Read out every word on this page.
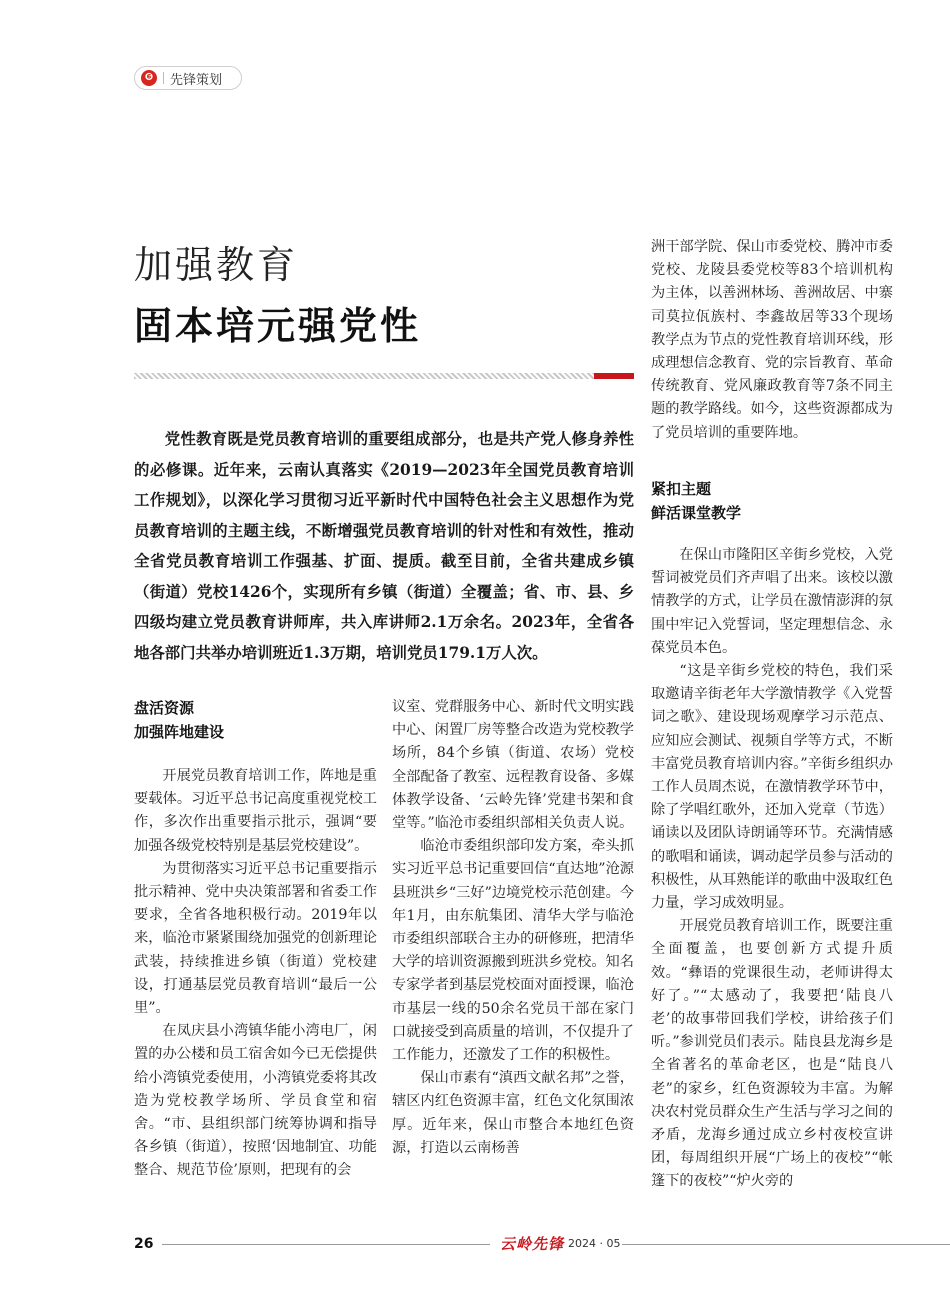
❻ 先锋策划
加强教育
固本培元强党性

党性教育既是党员教育培训的重要组成部分，也是共产党人修身养性的必修课。近年来，云南认真落实《2019—2023年全国党员教育培训工作规划》，以深化学习贯彻习近平新时代中国特色社会主义思想作为党员教育培训的主题主线，不断增强党员教育培训的针对性和有效性，推动全省党员教育培训工作强基、扩面、提质。截至目前，全省共建成乡镇（街道）党校1426个，实现所有乡镇（街道）全覆盖；省、市、县、乡四级均建立党员教育讲师库，共入库讲师2.1万余名。2023年，全省各地各部门共举办培训班近1.3万期，培训党员179.1万人次。

盘活资源
加强阵地建设

开展党员教育培训工作，阵地是重要载体。习近平总书记高度重视党校工作，多次作出重要指示批示，强调“要加强各级党校特别是基层党校建设”。

为贯彻落实习近平总书记重要指示批示精神、党中央决策部署和省委工作要求，全省各地积极行动。2019年以来，临沧市紧紧围绕加强党的创新理论武装，持续推进乡镇（街道）党校建设，打通基层党员教育培训“最后一公里”。

在凤庆县小湾镇华能小湾电厂，闲置的办公楼和员工宿舍如今已无偿提供给小湾镇党委使用，小湾镇党委将其改造为党校教学场所、学员食堂和宿舍。“市、县组织部门统筹协调和指导各乡镇（街道），按照‘因地制宜、功能整合、规范节俭’原则，把现有的会

议室、党群服务中心、新时代文明实践中心、闲置厂房等整合改造为党校教学场所，84个乡镇（街道、农场）党校全部配备了教室、远程教育设备、多媒体教学设备、‘云岭先锋’党建书架和食堂等。”临沧市委组织部相关负责人说。

临沧市委组织部印发方案，牵头抓实习近平总书记重要回信“直达地”沧源县班洪乡“三好”边境党校示范创建。今年1月，由东航集团、清华大学与临沧市委组织部联合主办的研修班，把清华大学的培训资源搬到班洪乡党校。知名专家学者到基层党校面对面授课，临沧市基层一线的50余名党员干部在家门口就接受到高质量的培训，不仅提升了工作能力，还激发了工作的积极性。

保山市素有“滇西文献名邦”之誉，辖区内红色资源丰富，红色文化氛围浓厚。近年来，保山市整合本地红色资源，打造以云南杨善

洲干部学院、保山市委党校、腾冲市委党校、龙陵县委党校等83个培训机构为主体，以善洲林场、善洲故居、中寨司莫拉佤族村、李鑫故居等33个现场教学点为节点的党性教育培训环线，形成理想信念教育、党的宗旨教育、革命传统教育、党风廉政教育等7条不同主题的教学路线。如今，这些资源都成为了党员培训的重要阵地。

紧扣主题
鲜活课堂教学

在保山市隆阳区辛街乡党校，入党誓词被党员们齐声唱了出来。该校以激情教学的方式，让学员在激情澎湃的氛围中牢记入党誓词，坚定理想信念、永葆党员本色。

“这是辛街乡党校的特色，我们采取邀请辛街老年大学激情教学《入党誓词之歌》、建设现场观摩学习示范点、应知应会测试、视频自学等方式，不断丰富党员教育培训内容。”辛街乡组织办工作人员周杰说，在激情教学环节中，除了学唱红歌外，还加入党章（节选）诵读以及团队诗朗诵等环节。充满情感的歌唱和诵读，调动起学员参与活动的积极性，从耳熟能详的歌曲中汲取红色力量，学习成效明显。

开展党员教育培训工作，既要注重全面覆盖，也要创新方式提升质效。“彝语的党课很生动，老师讲得太好了。”“太感动了，我要把‘陆良八老’的故事带回我们学校，讲给孩子们听。”参训党员们表示。陆良县龙海乡是全省著名的革命老区，也是“陆良八老”的家乡，红色资源较为丰富。为解决农村党员群众生产生活与学习之间的矛盾，龙海乡通过成立乡村夜校宣讲团，每周组织开展“广场上的夜校”“帐篷下的夜校”“炉火旁的

26	云岭先锋 2024 · 05
